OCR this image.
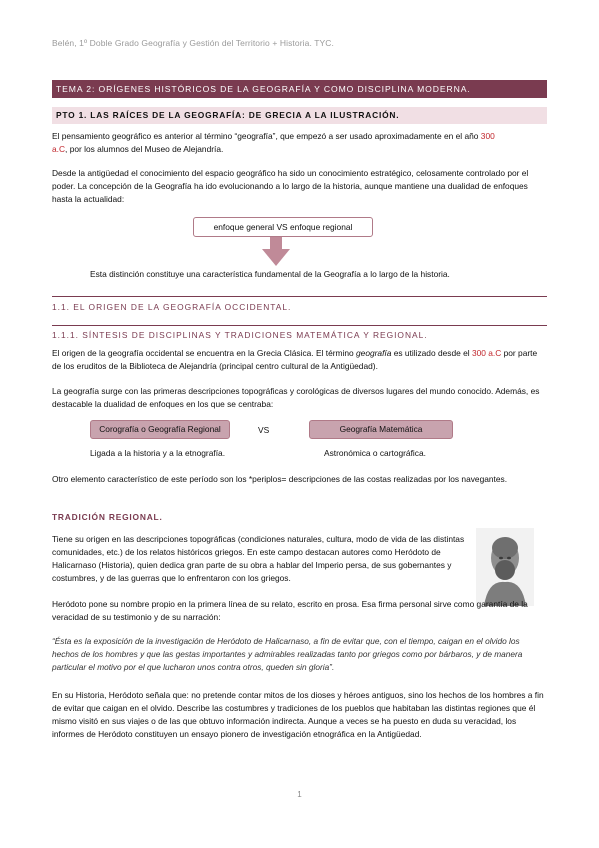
Belén, 1º Doble Grado Geografía y Gestión del Territorio + Historia. TYC.
TEMA 2: ORÍGENES HISTÓRICOS DE LA GEOGRAFÍA Y COMO DISCIPLINA MODERNA.
PTO 1. LAS RAÍCES DE LA GEOGRAFÍA: DE GRECIA A LA ILUSTRACIÓN.
El pensamiento geográfico es anterior al término “geografía”, que empezó a ser usado aproximadamente en el año 300
a.C, por los alumnos del Museo de Alejandría.
Desde la antigüedad el conocimiento del espacio geográfico ha sido un conocimiento estratégico, celosamente controlado por el poder. La concepción de la Geografía ha ido evolucionando a lo largo de la historia, aunque mantiene una dualidad de enfoques hasta la actualidad:
enfoque general VS enfoque regional
Esta distinción constituye una característica fundamental de la Geografía a lo largo de la historia.
1.1. EL ORIGEN DE LA GEOGRAFÍA OCCIDENTAL.
1.1.1. SÍNTESIS DE DISCIPLINAS Y TRADICIONES MATEMÁTICA Y REGIONAL.
El origen de la geografía occidental se encuentra en la Grecia Clásica. El término geografía es utilizado desde el 300 a.C por parte de los eruditos de la Biblioteca de Alejandría (principal centro cultural de la Antigüedad).
La geografía surge con las primeras descripciones topográficas y corológicas de diversos lugares del mundo conocido. Además, es destacable la dualidad de enfoques en los que se centraba:
Corografía o Geografía Regional	VS	Geografía Matemática
Ligada a la historia y a la etnografía.	Astronómica o cartográfica.
Otro elemento característico de este período son los *periplos= descripciones de las costas realizadas por los navegantes.
TRADICIÓN REGIONAL.
Tiene su origen en las descripciones topográficas (condiciones naturales, cultura, modo de vida de las distintas comunidades, etc.) de los relatos históricos griegos. En este campo destacan autores como Heródoto de Halicarnaso (Historia), quien dedica gran parte de su obra a hablar del Imperio persa, de sus gobernantes y costumbres, y de las guerras que lo enfrentaron con los griegos.
Heródoto pone su nombre propio en la primera línea de su relato, escrito en prosa. Esa firma personal sirve como garantía de la veracidad de su testimonio y de su narración:
“Ésta es la exposición de la investigación de Heródoto de Halicarnaso, a fin de evitar que, con el tiempo, caigan en el olvido los hechos de los hombres y que las gestas importantes y admirables realizadas tanto por griegos como por bárbaros, y de manera particular el motivo por el que lucharon unos contra otros, queden sin gloria”.
En su Historia, Heródoto señala que: no pretende contar mitos de los dioses y héroes antiguos, sino los hechos de los hombres a fin de evitar que caigan en el olvido. Describe las costumbres y tradiciones de los pueblos que habitaban las distintas regiones que él mismo visitó en sus viajes o de las que obtuvo información indirecta. Aunque a veces se ha puesto en duda su veracidad, los informes de Heródoto constituyen un ensayo pionero de investigación etnográfica en la Antigüedad.
1
